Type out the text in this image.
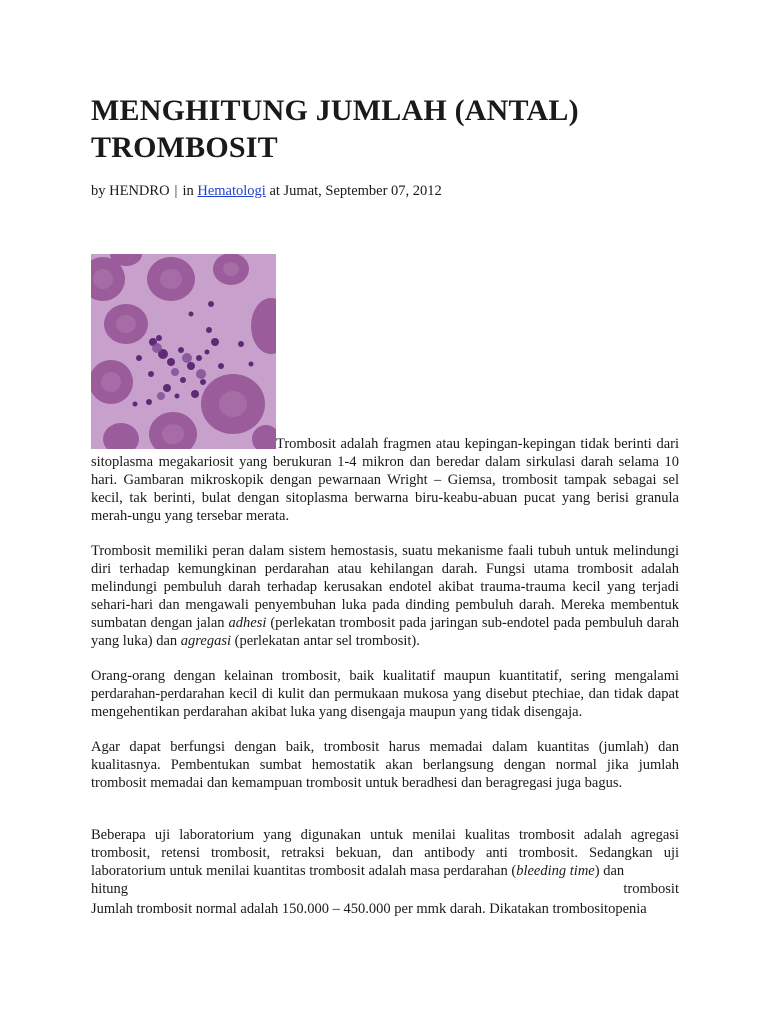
MENGHITUNG JUMLAH (ANTAL) TROMBOSIT
by HENDRO | in Hematologi at Jumat, September 07, 2012
Trombosit adalah fragmen atau kepingan-kepingan tidak berinti dari sitoplasma megakariosit yang berukuran 1-4 mikron dan beredar dalam sirkulasi darah selama 10 hari. Gambaran mikroskopik dengan pewarnaan Wright – Giemsa, trombosit tampak sebagai sel kecil, tak berinti, bulat dengan sitoplasma berwarna biru-keabu-abuan pucat yang berisi granula merah-ungu yang tersebar merata.

Trombosit memiliki peran dalam sistem hemostasis, suatu mekanisme faali tubuh untuk melindungi diri terhadap kemungkinan perdarahan atau kehilangan darah. Fungsi utama trombosit adalah melindungi pembuluh darah terhadap kerusakan endotel akibat trauma-trauma kecil yang terjadi sehari-hari dan mengawali penyembuhan luka pada dinding pembuluh darah. Mereka membentuk sumbatan dengan jalan adhesi (perlekatan trombosit pada jaringan sub-endotel pada pembuluh darah yang luka) dan agregasi (perlekatan antar sel trombosit).

Orang-orang dengan kelainan trombosit, baik kualitatif maupun kuantitatif, sering mengalami perdarahan-perdarahan kecil di kulit dan permukaan mukosa yang disebut ptechiae, dan tidak dapat mengehentikan perdarahan akibat luka yang disengaja maupun yang tidak disengaja.

Agar dapat berfungsi dengan baik, trombosit harus memadai dalam kuantitas (jumlah) dan kualitasnya. Pembentukan sumbat hemostatik akan berlangsung dengan normal jika jumlah trombosit memadai dan kemampuan trombosit untuk beradhesi dan beragregasi juga bagus.

Beberapa uji laboratorium yang digunakan untuk menilai kualitas trombosit adalah agregasi trombosit, retensi trombosit, retraksi bekuan, dan antibody anti trombosit. Sedangkan uji laboratorium untuk menilai kuantitas trombosit adalah masa perdarahan (bleeding time) dan
hitung	trombosit

Jumlah trombosit normal adalah 150.000 – 450.000 per mmk darah. Dikatakan trombositopenia
